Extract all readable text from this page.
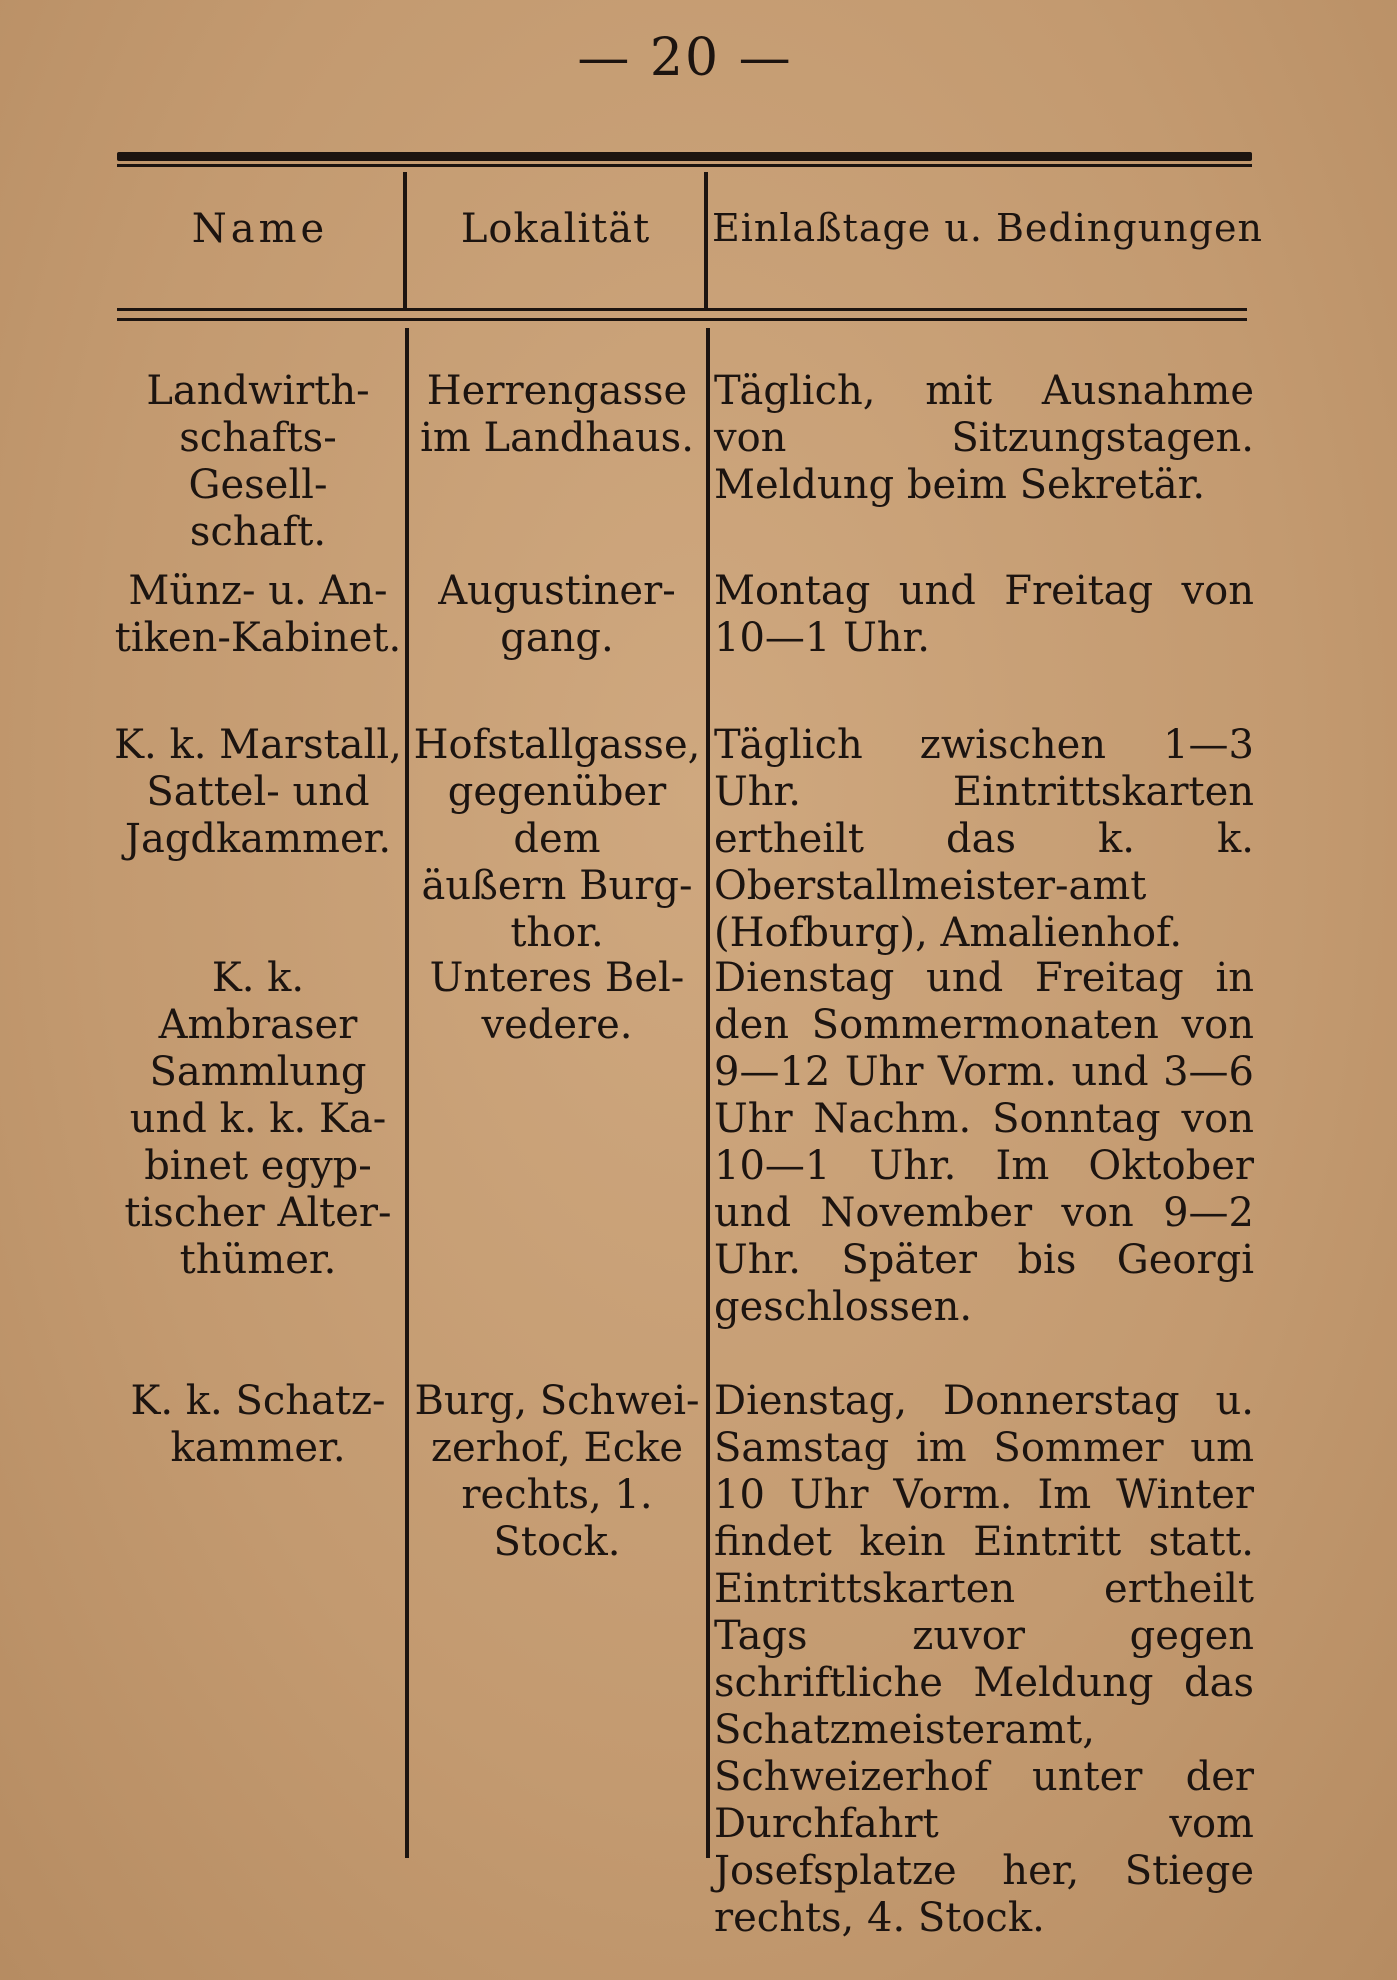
— 20 —
Name	Lokalität	Einlaßtage u. Bedingungen
Landwirth-
schafts-Gesell-
schaft.
Herrengasse
im Landhaus.
Täglich, mit Ausnahme von Sitzungstagen. Meldung beim Sekretär.
Münz- u. An-
tiken-Kabinet.
Augustiner-
gang.
Montag und Freitag von 10—1 Uhr.
K. k. Marstall,
Sattel- und
Jagdkammer.
Hofstallgasse,
gegenüber dem
äußern Burg-
thor.
Täglich zwischen 1—3 Uhr. Eintrittskarten ertheilt das k. k. Oberstallmeister-amt (Hofburg), Amalienhof.
K. k. Ambraser
Sammlung
und k. k. Ka-
binet egyp-
tischer Alter-
thümer.
Unteres Bel-
vedere.
Dienstag und Freitag in den Sommermonaten von 9—12 Uhr Vorm. und 3—6 Uhr Nachm. Sonntag von 10—1 Uhr. Im Oktober und November von 9—2 Uhr. Später bis Georgi geschlossen.
K. k. Schatz-
kammer.
Burg, Schwei-
zerhof, Ecke
rechts, 1. Stock.
Dienstag, Donnerstag u. Samstag im Sommer um 10 Uhr Vorm. Im Winter findet kein Eintritt statt. Eintrittskarten ertheilt Tags zuvor gegen schriftliche Meldung das Schatzmeisteramt, Schweizerhof unter der Durchfahrt vom Josefsplatze her, Stiege rechts, 4. Stock.
